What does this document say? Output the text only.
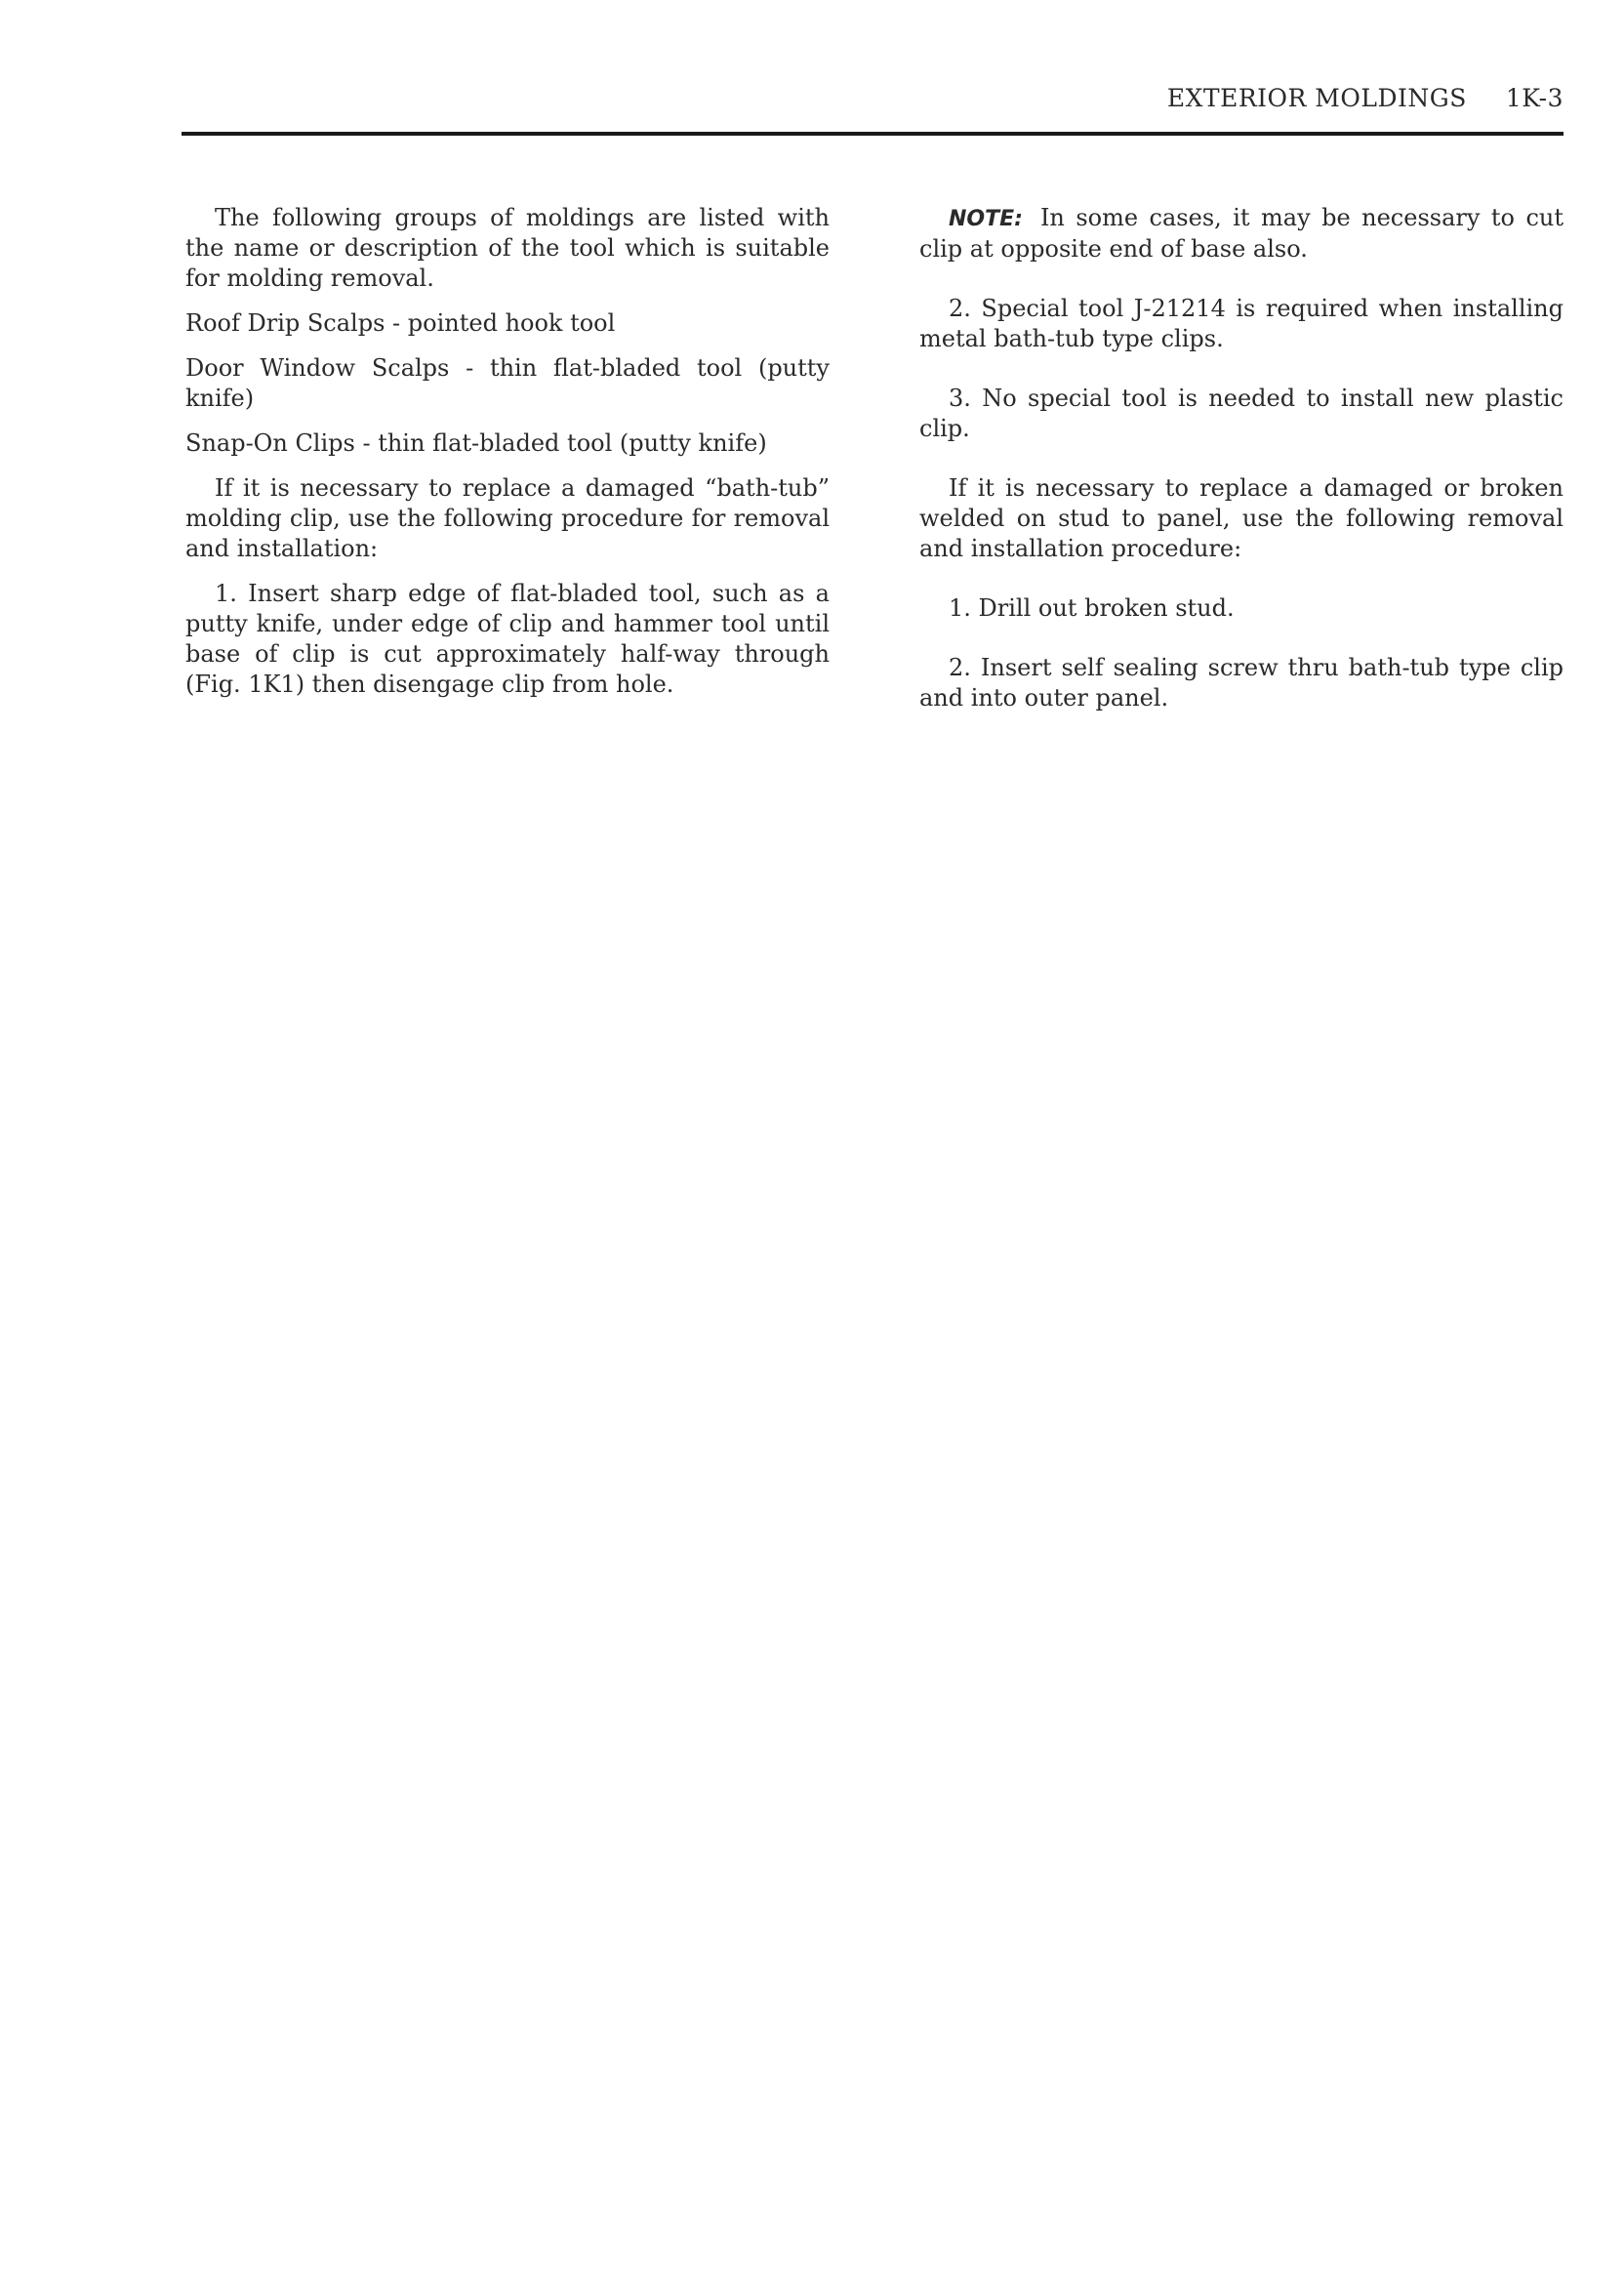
EXTERIOR MOLDINGS 1K-3

The following groups of moldings are listed with the name or description of the tool which is suitable for molding removal.

Roof Drip Scalps - pointed hook tool

Door Window Scalps - thin flat-bladed tool (putty knife)

Snap-On Clips - thin flat-bladed tool (putty knife)

If it is necessary to replace a damaged “bath-tub” molding clip, use the following procedure for removal and installation:

1. Insert sharp edge of flat-bladed tool, such as a putty knife, under edge of clip and hammer tool until base of clip is cut approximately half-way through (Fig. 1K1) then disengage clip from hole.

NOTE: In some cases, it may be necessary to cut clip at opposite end of base also.

2. Special tool J-21214 is required when installing metal bath-tub type clips.

3. No special tool is needed to install new plastic clip.

If it is necessary to replace a damaged or broken welded on stud to panel, use the following removal and installation procedure:

1. Drill out broken stud.

2. Insert self sealing screw thru bath-tub type clip and into outer panel.
